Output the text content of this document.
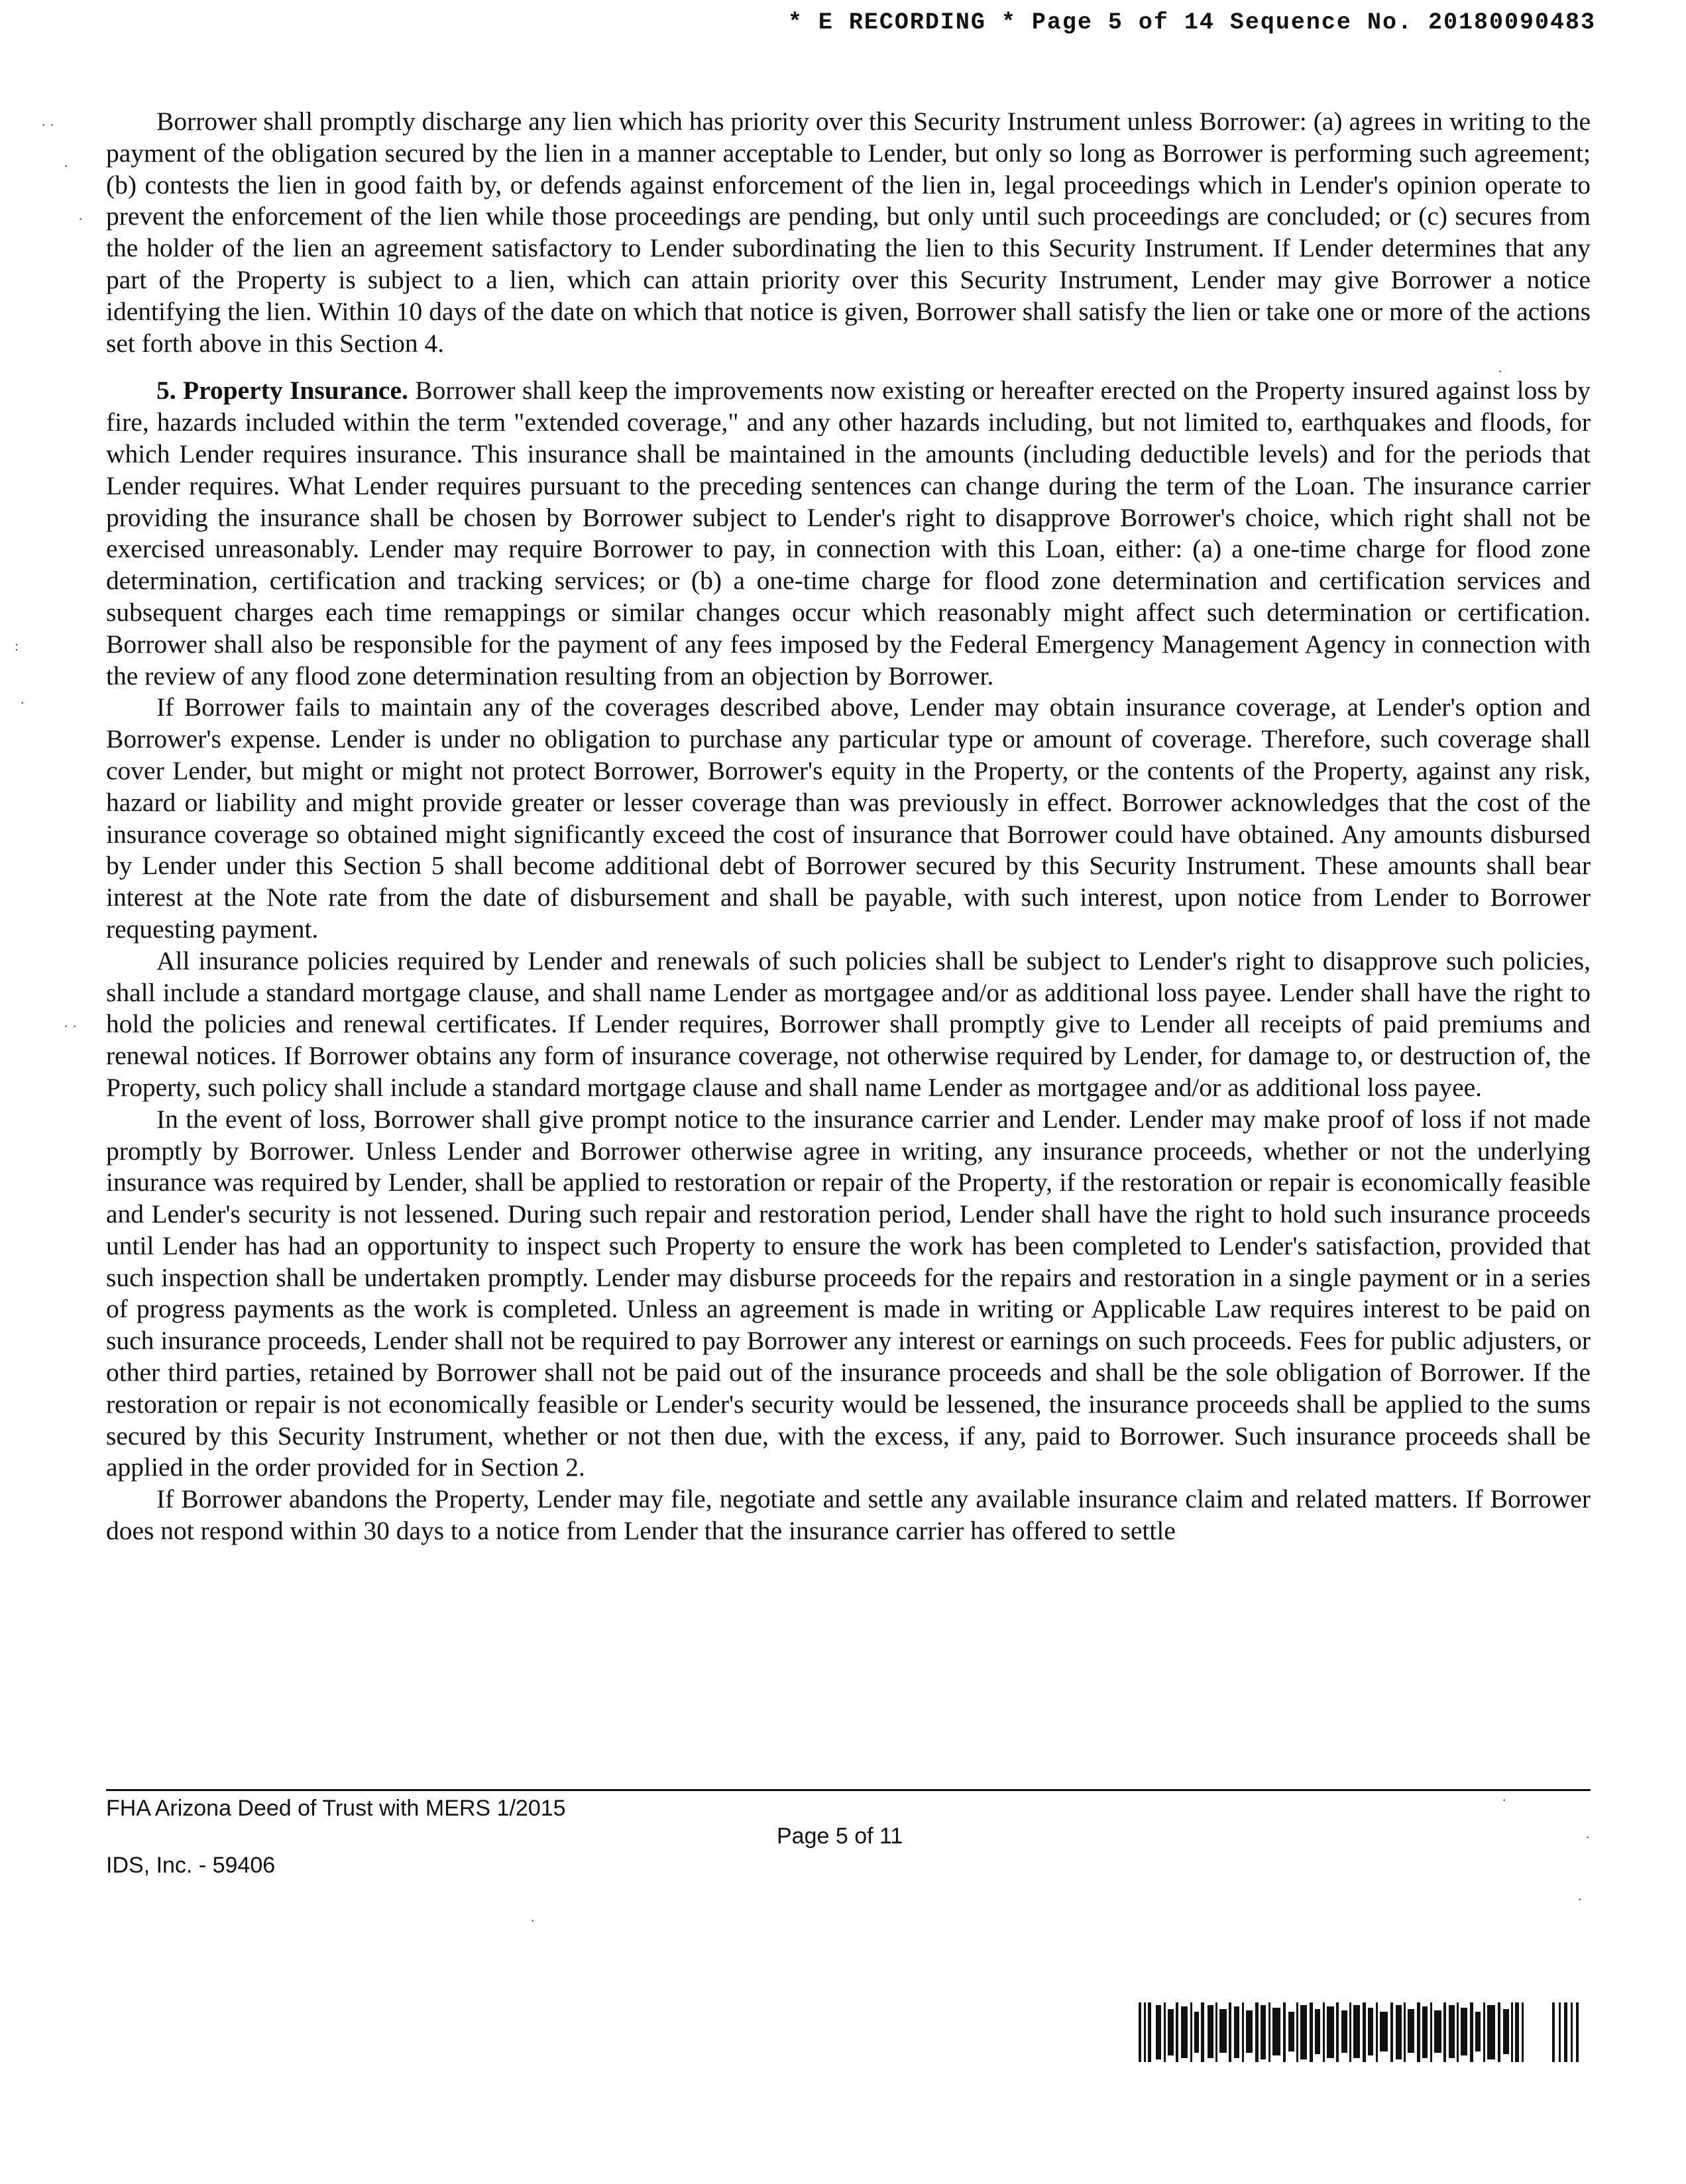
* E RECORDING * Page 5 of 14 Sequence No. 20180090483

Borrower shall promptly discharge any lien which has priority over this Security Instrument unless Borrower: (a) agrees in writing to the payment of the obligation secured by the lien in a manner acceptable to Lender, but only so long as Borrower is performing such agreement; (b) contests the lien in good faith by, or defends against enforcement of the lien in, legal proceedings which in Lender's opinion operate to prevent the enforcement of the lien while those proceedings are pending, but only until such proceedings are concluded; or (c) secures from the holder of the lien an agreement satisfactory to Lender subordinating the lien to this Security Instrument. If Lender determines that any part of the Property is subject to a lien, which can attain priority over this Security Instrument, Lender may give Borrower a notice identifying the lien. Within 10 days of the date on which that notice is given, Borrower shall satisfy the lien or take one or more of the actions set forth above in this Section 4.

5. Property Insurance. Borrower shall keep the improvements now existing or hereafter erected on the Property insured against loss by fire, hazards included within the term "extended coverage," and any other hazards including, but not limited to, earthquakes and floods, for which Lender requires insurance. This insurance shall be maintained in the amounts (including deductible levels) and for the periods that Lender requires. What Lender requires pursuant to the preceding sentences can change during the term of the Loan. The insurance carrier providing the insurance shall be chosen by Borrower subject to Lender's right to disapprove Borrower's choice, which right shall not be exercised unreasonably. Lender may require Borrower to pay, in connection with this Loan, either: (a) a one-time charge for flood zone determination, certification and tracking services; or (b) a one-time charge for flood zone determination and certification services and subsequent charges each time remappings or similar changes occur which reasonably might affect such determination or certification. Borrower shall also be responsible for the payment of any fees imposed by the Federal Emergency Management Agency in connection with the review of any flood zone determination resulting from an objection by Borrower.

If Borrower fails to maintain any of the coverages described above, Lender may obtain insurance coverage, at Lender's option and Borrower's expense. Lender is under no obligation to purchase any particular type or amount of coverage. Therefore, such coverage shall cover Lender, but might or might not protect Borrower, Borrower's equity in the Property, or the contents of the Property, against any risk, hazard or liability and might provide greater or lesser coverage than was previously in effect. Borrower acknowledges that the cost of the insurance coverage so obtained might significantly exceed the cost of insurance that Borrower could have obtained. Any amounts disbursed by Lender under this Section 5 shall become additional debt of Borrower secured by this Security Instrument. These amounts shall bear interest at the Note rate from the date of disbursement and shall be payable, with such interest, upon notice from Lender to Borrower requesting payment.

All insurance policies required by Lender and renewals of such policies shall be subject to Lender's right to disapprove such policies, shall include a standard mortgage clause, and shall name Lender as mortgagee and/or as additional loss payee. Lender shall have the right to hold the policies and renewal certificates. If Lender requires, Borrower shall promptly give to Lender all receipts of paid premiums and renewal notices. If Borrower obtains any form of insurance coverage, not otherwise required by Lender, for damage to, or destruction of, the Property, such policy shall include a standard mortgage clause and shall name Lender as mortgagee and/or as additional loss payee.

In the event of loss, Borrower shall give prompt notice to the insurance carrier and Lender. Lender may make proof of loss if not made promptly by Borrower. Unless Lender and Borrower otherwise agree in writing, any insurance proceeds, whether or not the underlying insurance was required by Lender, shall be applied to restoration or repair of the Property, if the restoration or repair is economically feasible and Lender's security is not lessened. During such repair and restoration period, Lender shall have the right to hold such insurance proceeds until Lender has had an opportunity to inspect such Property to ensure the work has been completed to Lender's satisfaction, provided that such inspection shall be undertaken promptly. Lender may disburse proceeds for the repairs and restoration in a single payment or in a series of progress payments as the work is completed. Unless an agreement is made in writing or Applicable Law requires interest to be paid on such insurance proceeds, Lender shall not be required to pay Borrower any interest or earnings on such proceeds. Fees for public adjusters, or other third parties, retained by Borrower shall not be paid out of the insurance proceeds and shall be the sole obligation of Borrower. If the restoration or repair is not economically feasible or Lender's security would be lessened, the insurance proceeds shall be applied to the sums secured by this Security Instrument, whether or not then due, with the excess, if any, paid to Borrower. Such insurance proceeds shall be applied in the order provided for in Section 2.

If Borrower abandons the Property, Lender may file, negotiate and settle any available insurance claim and related matters. If Borrower does not respond within 30 days to a notice from Lender that the insurance carrier has offered to settle

FHA Arizona Deed of Trust with MERS 1/2015
Page 5 of 11
IDS, Inc. - 59406
· ·
·
·
:
·
· ·
·
·
·
·
·
